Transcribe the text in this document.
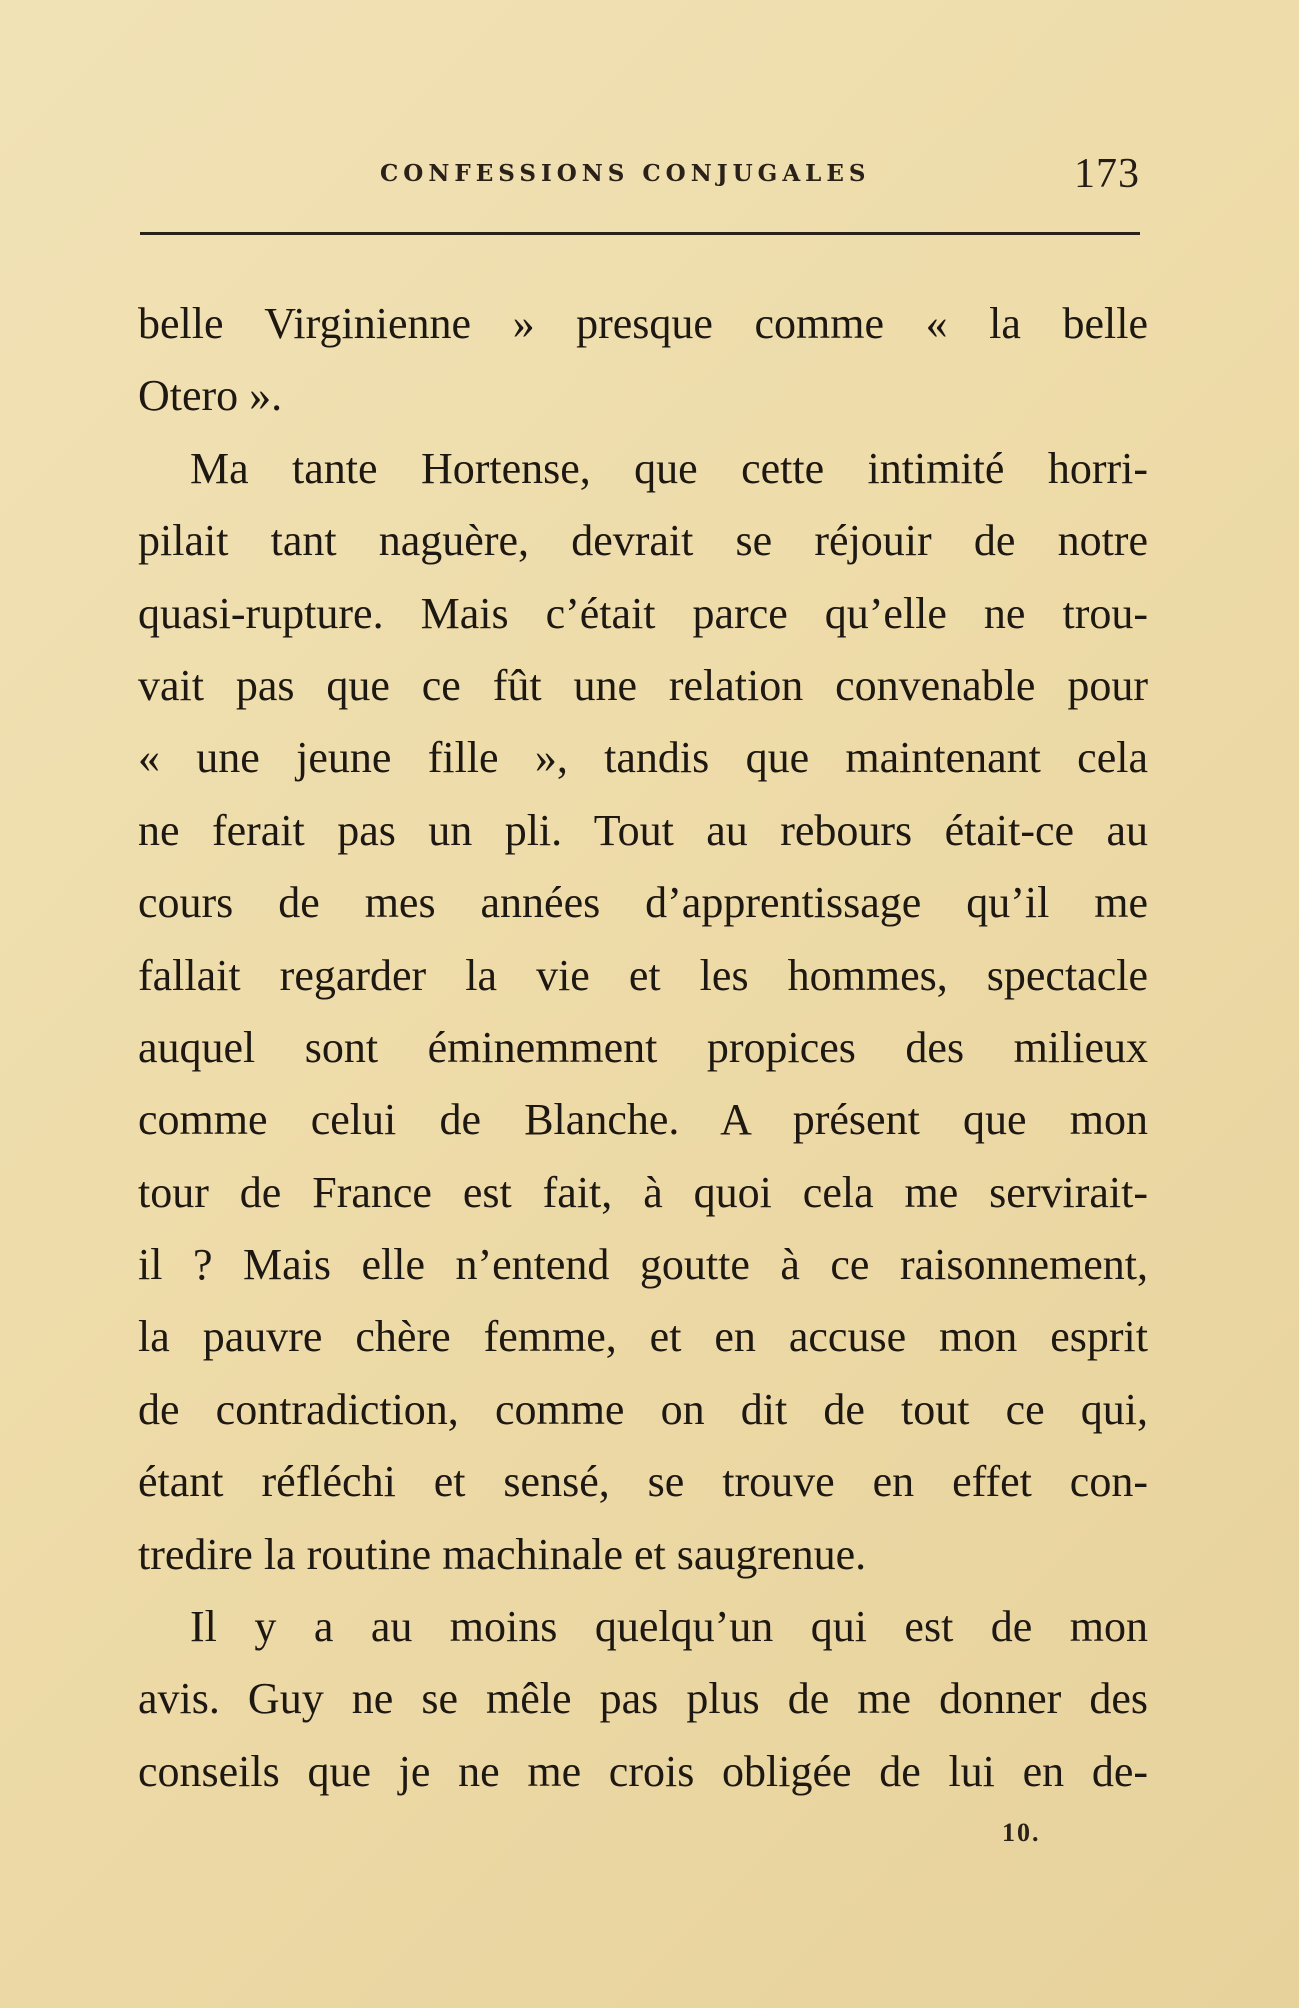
CONFESSIONS CONJUGALES	173
belle Virginienne » presque comme « la belle
Otero ».
Ma tante Hortense, que cette intimité horri-
pilait tant naguère, devrait se réjouir de notre
quasi-rupture. Mais c’était parce qu’elle ne trou-
vait pas que ce fût une relation convenable pour
« une jeune fille », tandis que maintenant cela
ne ferait pas un pli. Tout au rebours était-ce au
cours de mes années d’apprentissage qu’il me
fallait regarder la vie et les hommes, spectacle
auquel sont éminemment propices des milieux
comme celui de Blanche. A présent que mon
tour de France est fait, à quoi cela me servirait-
il ? Mais elle n’entend goutte à ce raisonnement,
la pauvre chère femme, et en accuse mon esprit
de contradiction, comme on dit de tout ce qui,
étant réfléchi et sensé, se trouve en effet con-
tredire la routine machinale et saugrenue.
Il y a au moins quelqu’un qui est de mon
avis. Guy ne se mêle pas plus de me donner des
conseils que je ne me crois obligée de lui en de-
10.
